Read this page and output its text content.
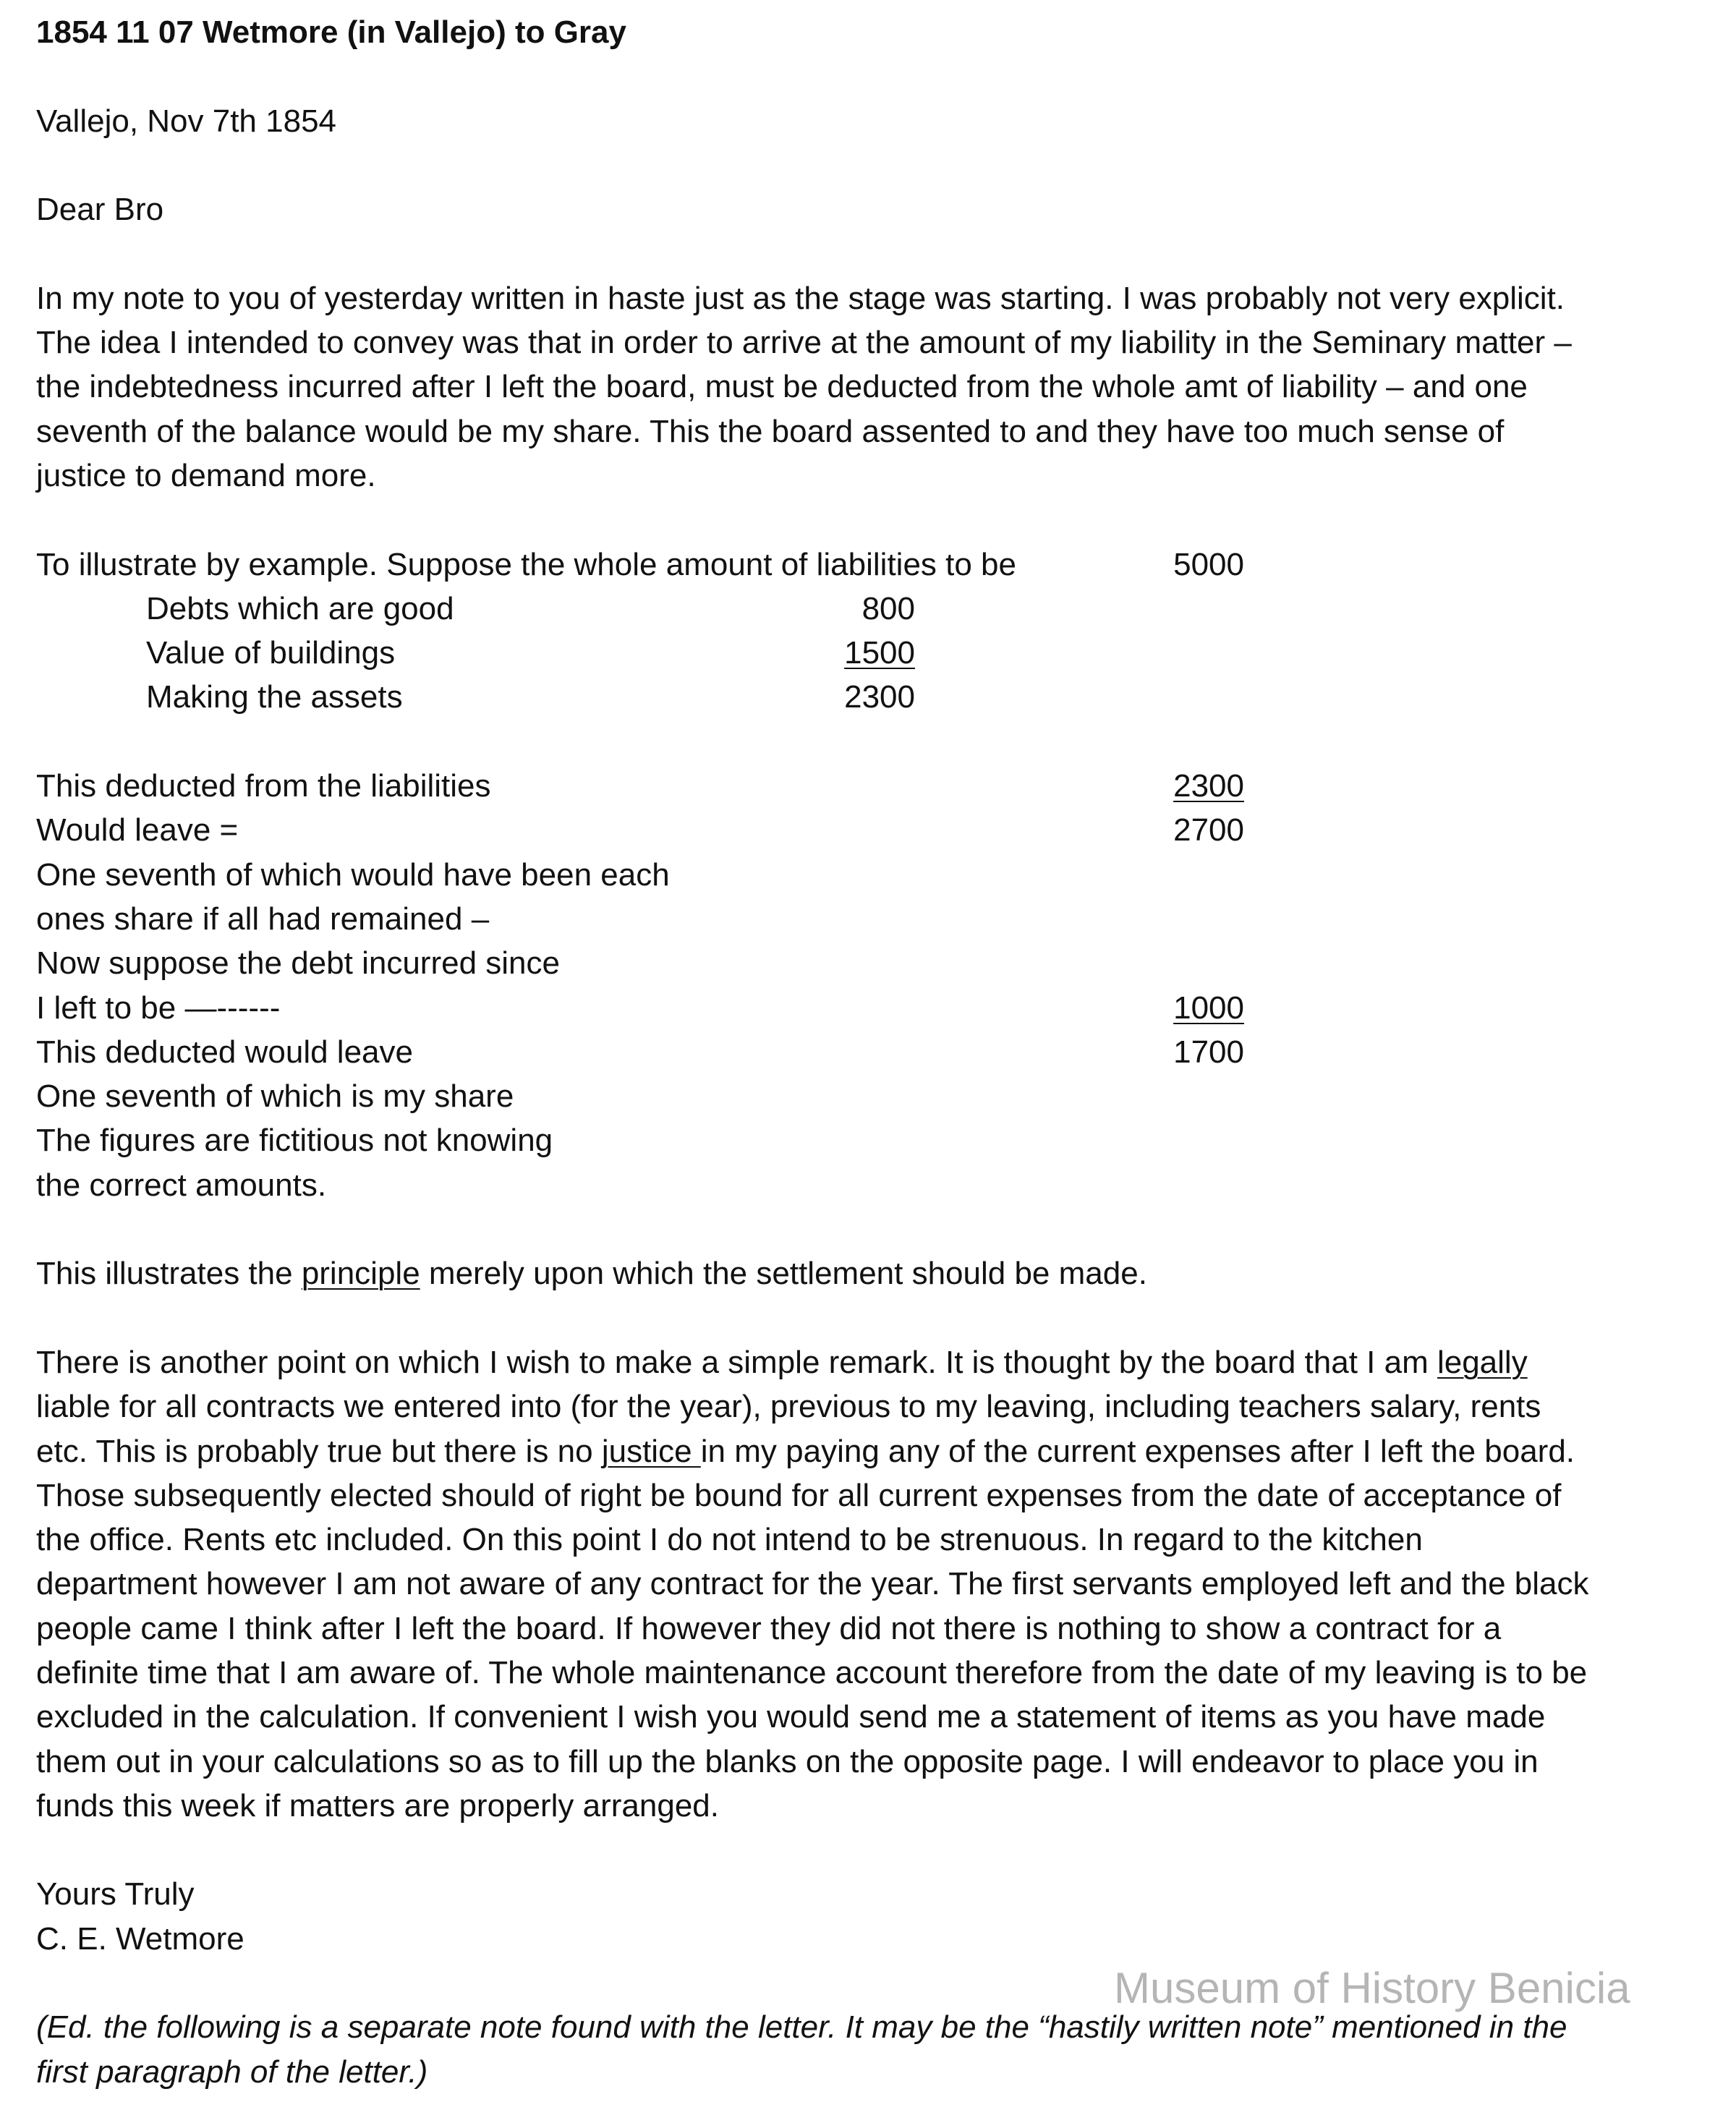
1854 11 07 Wetmore (in Vallejo) to Gray
Vallejo, Nov 7th 1854
Dear Bro
In my note to you of yesterday written in haste just as the stage was starting. I was probably not very explicit.
The idea I intended to convey was that in order to arrive at the amount of my liability in the Seminary matter –
the indebtedness incurred after I left the board, must be deducted from the whole amt of liability – and one
seventh of the balance would be my share. This the board assented to and they have too much sense of
justice to demand more.
To illustrate by example. Suppose the whole amount of liabilities to be	5000
Debts which are good	800
Value of buildings	1500
Making the assets	2300
This deducted from the liabilities	2300
Would leave =	2700
One seventh of which would have been each
ones share if all had remained –
Now suppose the debt incurred since
I left to be —------	1000
This deducted would leave	1700
One seventh of which is my share
The figures are fictitious not knowing
the correct amounts.
This illustrates the principle merely upon which the settlement should be made.
There is another point on which I wish to make a simple remark. It is thought by the board that I am legally
liable for all contracts we entered into (for the year), previous to my leaving, including teachers salary, rents
etc. This is probably true but there is no justice in my paying any of the current expenses after I left the board.
Those subsequently elected should of right be bound for all current expenses from the date of acceptance of
the office. Rents etc included. On this point I do not intend to be strenuous. In regard to the kitchen
department however I am not aware of any contract for the year. The first servants employed left and the black
people came I think after I left the board. If however they did not there is nothing to show a contract for a
definite time that I am aware of. The whole maintenance account therefore from the date of my leaving is to be
excluded in the calculation. If convenient I wish you would send me a statement of items as you have made
them out in your calculations so as to fill up the blanks on the opposite page. I will endeavor to place you in
funds this week if matters are properly arranged.
Yours Truly
C. E. Wetmore
(Ed. the following is a separate note found with the letter. It may be the “hastily written note” mentioned in the
first paragraph of the letter.)
Museum of History Benicia
